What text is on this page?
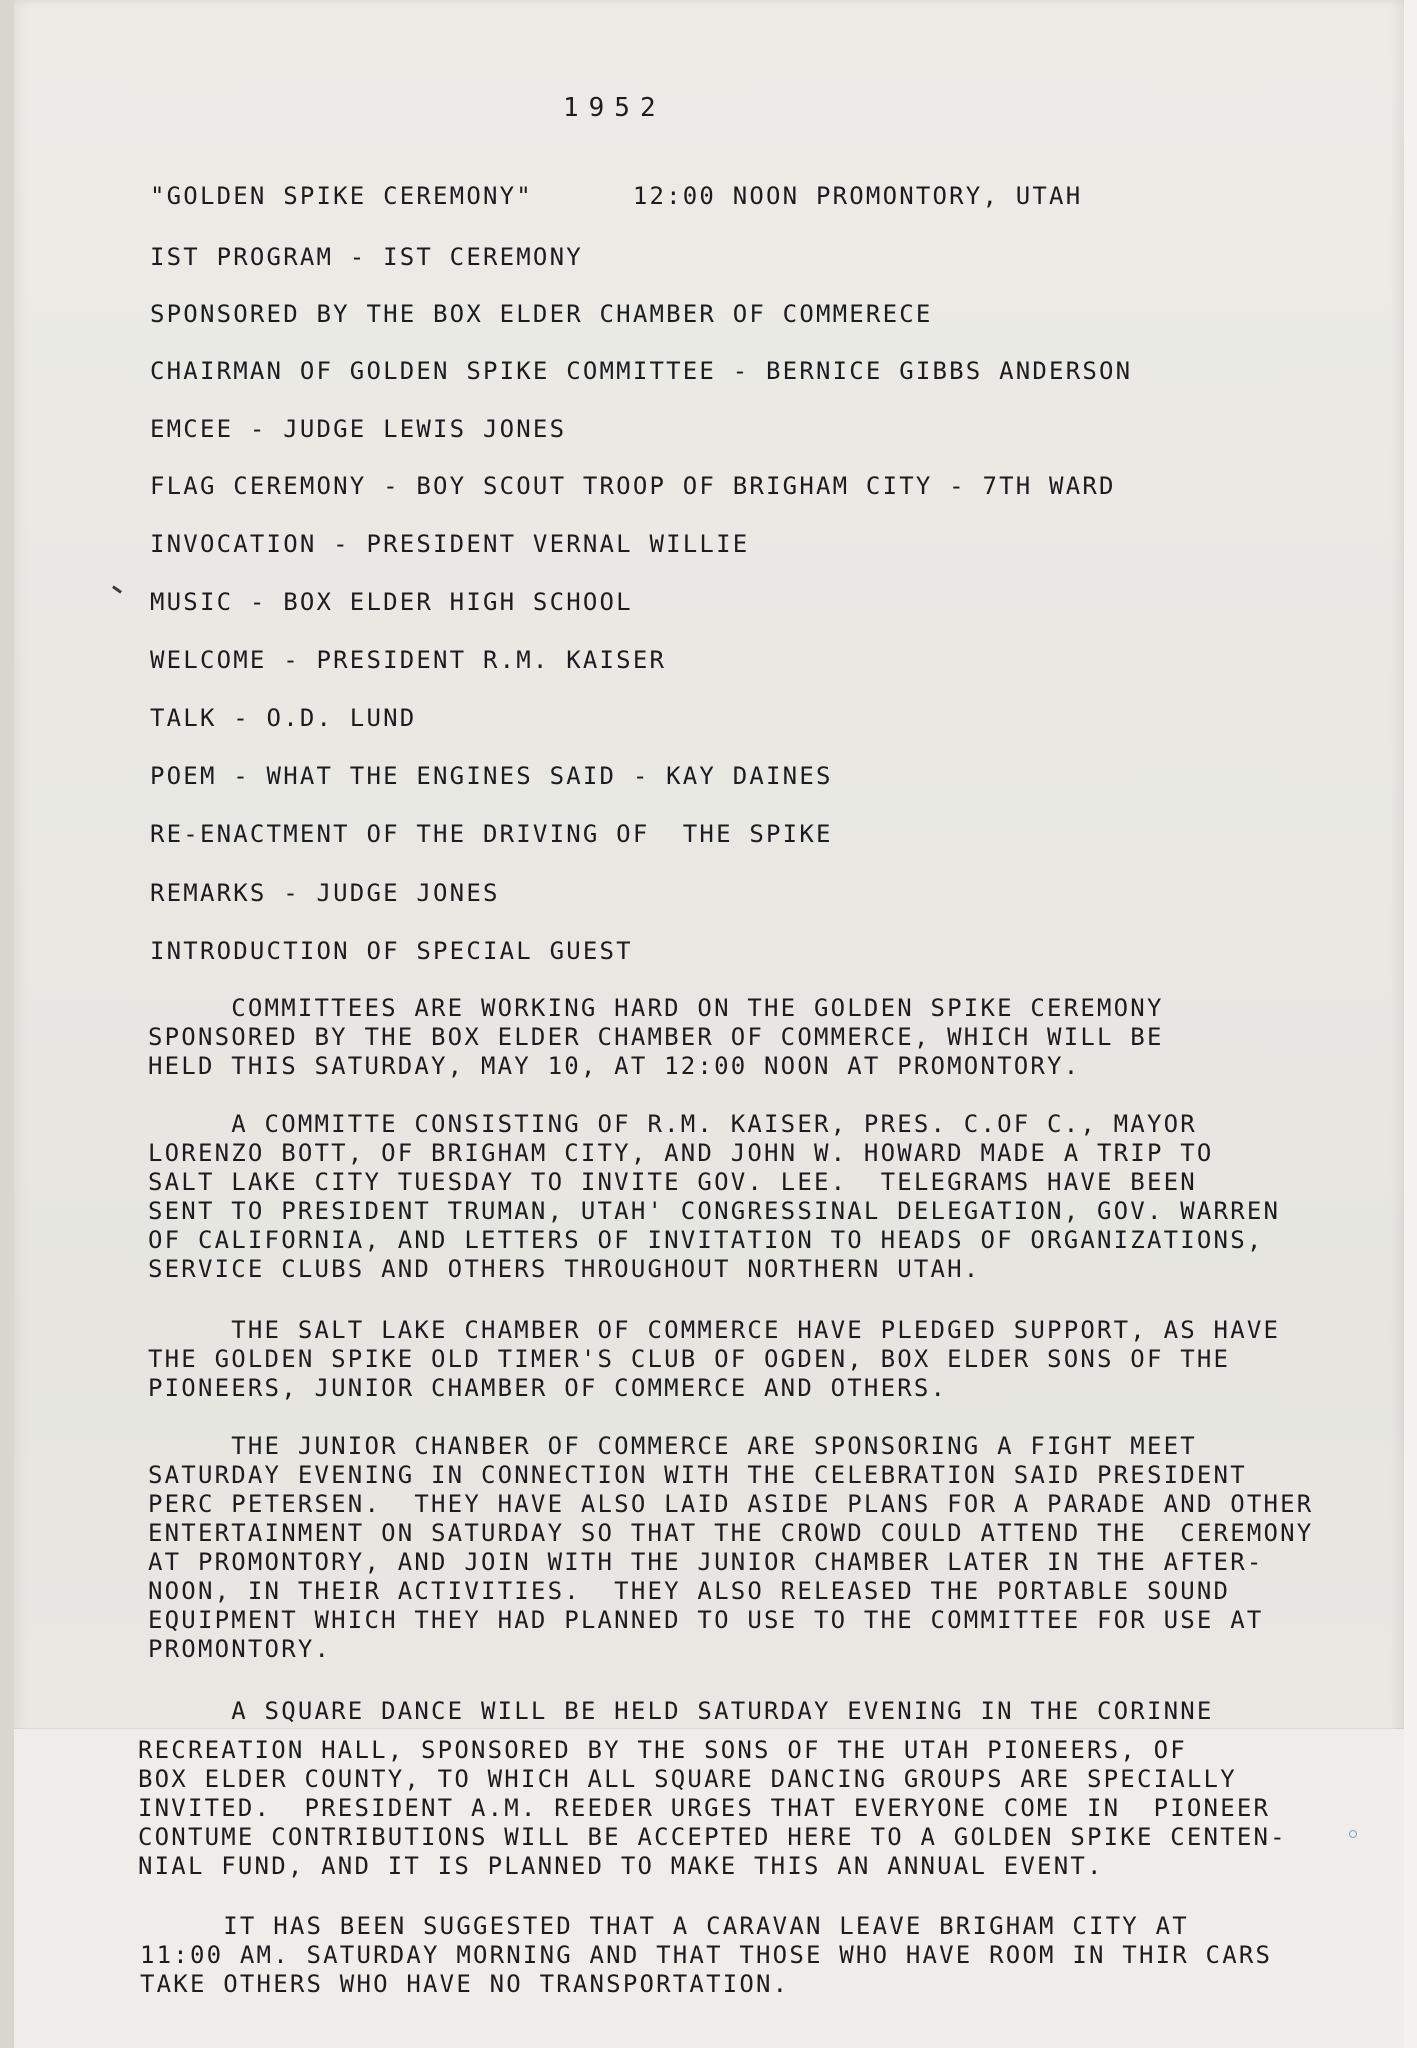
1952
"GOLDEN SPIKE CEREMONY"      12:00 NOON PROMONTORY, UTAH
IST PROGRAM - IST CEREMONY
SPONSORED BY THE BOX ELDER CHAMBER OF COMMERECE
CHAIRMAN OF GOLDEN SPIKE COMMITTEE - BERNICE GIBBS ANDERSON
EMCEE - JUDGE LEWIS JONES
FLAG CEREMONY - BOY SCOUT TROOP OF BRIGHAM CITY - 7TH WARD
INVOCATION - PRESIDENT VERNAL WILLIE
MUSIC - BOX ELDER HIGH SCHOOL
WELCOME - PRESIDENT R.M. KAISER
TALK - O.D. LUND
POEM - WHAT THE ENGINES SAID - KAY DAINES
RE-ENACTMENT OF THE DRIVING OF  THE SPIKE
REMARKS - JUDGE JONES
INTRODUCTION OF SPECIAL GUEST
COMMITTEES ARE WORKING HARD ON THE GOLDEN SPIKE CEREMONY
SPONSORED BY THE BOX ELDER CHAMBER OF COMMERCE, WHICH WILL BE
HELD THIS SATURDAY, MAY 10, AT 12:00 NOON AT PROMONTORY.
A COMMITTE CONSISTING OF R.M. KAISER, PRES. C.OF C., MAYOR
LORENZO BOTT, OF BRIGHAM CITY, AND JOHN W. HOWARD MADE A TRIP TO
SALT LAKE CITY TUESDAY TO INVITE GOV. LEE.  TELEGRAMS HAVE BEEN
SENT TO PRESIDENT TRUMAN, UTAH' CONGRESSINAL DELEGATION, GOV. WARREN
OF CALIFORNIA, AND LETTERS OF INVITATION TO HEADS OF ORGANIZATIONS,
SERVICE CLUBS AND OTHERS THROUGHOUT NORTHERN UTAH.
THE SALT LAKE CHAMBER OF COMMERCE HAVE PLEDGED SUPPORT, AS HAVE
THE GOLDEN SPIKE OLD TIMER'S CLUB OF OGDEN, BOX ELDER SONS OF THE
PIONEERS, JUNIOR CHAMBER OF COMMERCE AND OTHERS.
THE JUNIOR CHANBER OF COMMERCE ARE SPONSORING A FIGHT MEET
SATURDAY EVENING IN CONNECTION WITH THE CELEBRATION SAID PRESIDENT
PERC PETERSEN.  THEY HAVE ALSO LAID ASIDE PLANS FOR A PARADE AND OTHER
ENTERTAINMENT ON SATURDAY SO THAT THE CROWD COULD ATTEND THE  CEREMONY
AT PROMONTORY, AND JOIN WITH THE JUNIOR CHAMBER LATER IN THE AFTER-
NOON, IN THEIR ACTIVITIES.  THEY ALSO RELEASED THE PORTABLE SOUND
EQUIPMENT WHICH THEY HAD PLANNED TO USE TO THE COMMITTEE FOR USE AT
PROMONTORY.
A SQUARE DANCE WILL BE HELD SATURDAY EVENING IN THE CORINNE
RECREATION HALL, SPONSORED BY THE SONS OF THE UTAH PIONEERS, OF
BOX ELDER COUNTY, TO WHICH ALL SQUARE DANCING GROUPS ARE SPECIALLY
INVITED.  PRESIDENT A.M. REEDER URGES THAT EVERYONE COME IN  PIONEER
CONTUME CONTRIBUTIONS WILL BE ACCEPTED HERE TO A GOLDEN SPIKE CENTEN-
NIAL FUND, AND IT IS PLANNED TO MAKE THIS AN ANNUAL EVENT.
IT HAS BEEN SUGGESTED THAT A CARAVAN LEAVE BRIGHAM CITY AT
11:00 AM. SATURDAY MORNING AND THAT THOSE WHO HAVE ROOM IN THIR CARS
TAKE OTHERS WHO HAVE NO TRANSPORTATION.
